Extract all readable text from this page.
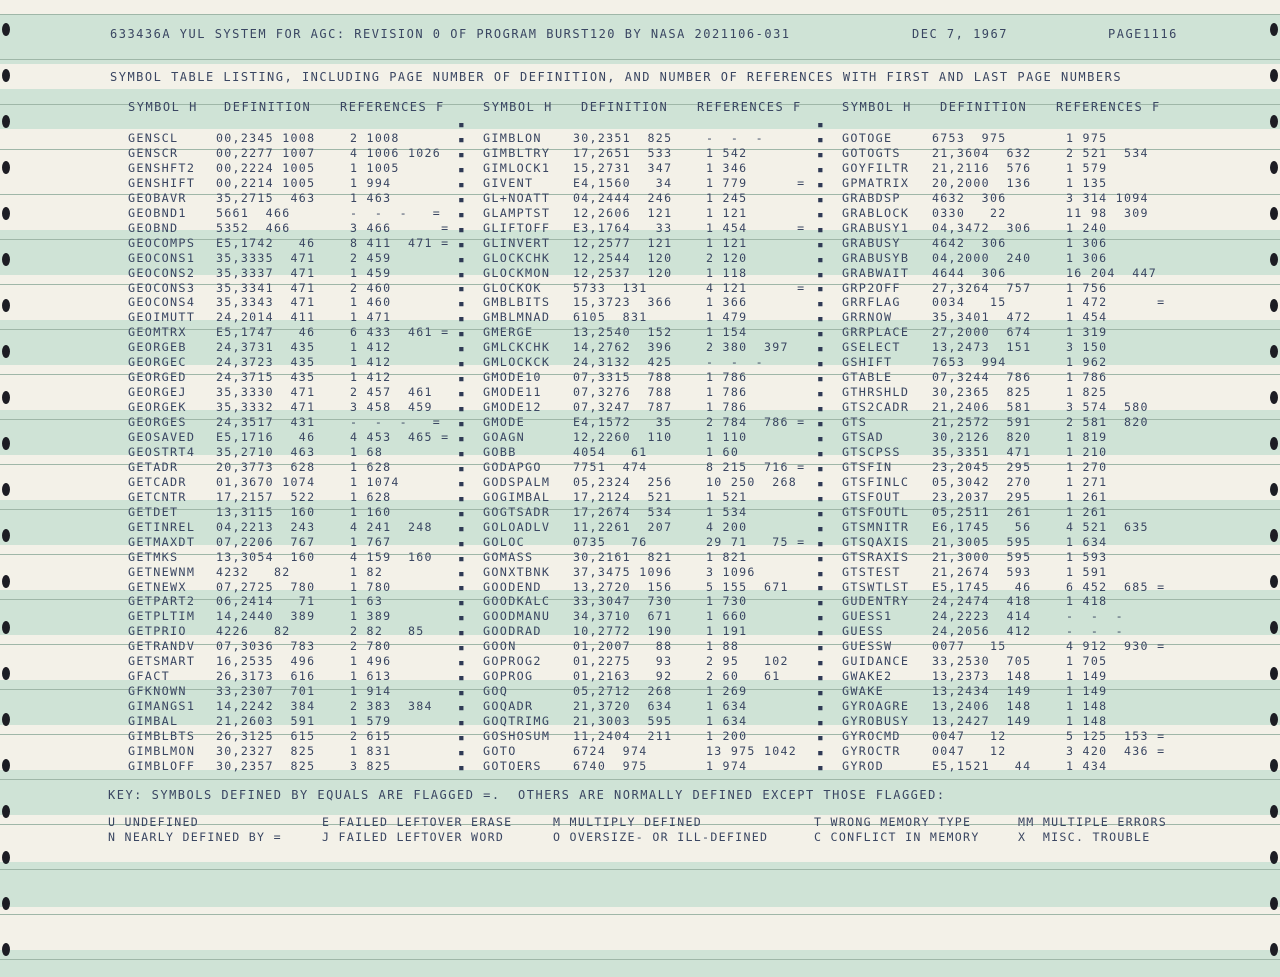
633436A YUL SYSTEM FOR AGC: REVISION 0 OF PROGRAM BURST120 BY NASA 2021106-031	DEC 7, 1967	PAGE1116
SYMBOL TABLE LISTING, INCLUDING PAGE NUMBER OF DEFINITION, AND NUMBER OF REFERENCES WITH FIRST AND LAST PAGE NUMBERS
SYMBOL H DEFINITION REFERENCES F	SYMBOL H DEFINITION REFERENCES F	SYMBOL H DEFINITION REFERENCES F
GENSCL	00,2345 1008	2 1008
GENSCR	00,2277 1007	4 1006 1026
GENSHFT2 00,2224 1005	1 1005
GENSHIFT 00,2214 1005	1 994
GEOBAVR	35,2715  463	1 463
GEOBND1	5661  466	-  -  -   =
GEOBND	5352  466	3 466      =
GEOCOMPS E5,1742   46	8 411  471 =
GEOCONS1 35,3335  471	2 459
GEOCONS2 35,3337  471	1 459
GEOCONS3 35,3341  471	2 460
GEOCONS4 35,3343  471	1 460
GEOIMUTT 24,2014  411	1 471
GEOMTRX	E5,1747   46	6 433  461 =
GEORGEB	24,3731  435	1 412
GEORGEC	24,3723  435	1 412
GEORGED	24,3715  435	1 412
GEORGEJ	35,3330  471	2 457  461
GEORGEK	35,3332  471	3 458  459
GEORGES	24,3517  431	-  -  -   =
GEOSAVED E5,1716   46	4 453  465 =
GEOSTRT4 35,2710  463	1 68
GETADR	20,3773  628	1 628
GETCADR	01,3670 1074	1 1074
GETCNTR	17,2157  522	1 628
GETDET	13,3115  160	1 160
GETINREL 04,2213  243	4 241  248
GETMAXDT 07,2206  767	1 767
GETMKS	13,3054  160	4 159  160
GETNEWNM 4232   82	1 82
GETNEWX	07,2725  780	1 780
GETPART2 06,2414   71	1 63
GETPLTIM 14,2440  389	1 389
GETPRIO	4226   82	2 82   85
GETRANDV 07,3036  783	2 780
GETSMART 16,2535  496	1 496
GFACT	26,3173  616	1 613
GFKNOWN	33,2307  701	1 914
GIMANGS1 14,2242  384	2 383  384
GIMBAL	21,2603  591	1 579
GIMBLBTS 26,3125  615	2 615
GIMBLMON 30,2327  825	1 831
GIMBLOFF 30,2357  825	3 825
GIMBLON	30,2351  825	-  -  -
GIMBLTRY 17,2651  533	1 542
GIMLOCK1 15,2731  347	1 346
GIVENT	E4,1560   34	1 779      =
GL+NOATT 04,2444  246	1 245
GLAMPTST 12,2606  121	1 121
GLIFTOFF E3,1764   33	1 454      =
GLINVERT 12,2577  121	1 121
GLOCKCHK 12,2544  120	2 120
GLOCKMON 12,2537  120	1 118
GLOCKOK	5733  131	4 121      =
GMBLBITS 15,3723  366	1 366
GMBLMNAD 6105  831	1 479
GMERGE	13,2540  152	1 154
GMLCKCHK 14,2762  396	2 380  397
GMLOCKCK 24,3132  425	-  -  -
GMODE10	07,3315  788	1 786
GMODE11	07,3276  788	1 786
GMODE12	07,3247  787	1 786
GMODE	E4,1572   35	2 784  786 =
GOAGN	12,2260  110	1 110
GOBB	4054   61	1 60
GODAPGO	7751  474	8 215  716 =
GODSPALM 05,2324  256	10 250  268
GOGIMBAL 17,2124  521	1 521
GOGTSADR 17,2674  534	1 534
GOLOADLV 11,2261  207	4 200
GOLOC	0735   76	29 71   75 =
GOMASS	30,2161  821	1 821
GONXTBNK 37,3475 1096	3 1096
GOODEND	13,2720  156	5 155  671
GOODKALC 33,3047  730	1 730
GOODMANU 34,3710  671	1 660
GOODRAD	10,2772  190	1 191
GOON	01,2007   88	1 88
GOPROG2	01,2275   93	2 95   102
GOPROG	01,2163   92	2 60   61
GOQ	05,2712  268	1 269
GOQADR	21,3720  634	1 634
GOQTRIMG 21,3003  595	1 634
GOSHOSUM 11,2404  211	1 200
GOTO	6724  974	13 975 1042
GOTOERS	6740  975	1 974
GOTOGE	6753  975	1 975
GOTOGTS	21,3604  632	2 521  534
GOYFILTR 21,2116  576	1 579
GPMATRIX 20,2000  136	1 135
GRABDSP	4632  306	3 314 1094
GRABLOCK 0330   22	11 98  309
GRABUSY1 04,3472  306	1 240
GRABUSY	4642  306	1 306
GRABUSYB 04,2000  240	1 306
GRABWAIT 4644  306	16 204  447
GRP2OFF	27,3264  757	1 756
GRRFLAG	0034   15	1 472      =
GRRNOW	35,3401  472	1 454
GRRPLACE 27,2000  674	1 319
GSELECT	13,2473  151	3 150
GSHIFT	7653  994	1 962
GTABLE	07,3244  786	1 786
GTHRSHLD 30,2365  825	1 825
GTS2CADR 21,2406  581	3 574  580
GTS	21,2572  591	2 581  820
GTSAD	30,2126  820	1 819
GTSCPSS	35,3351  471	1 210
GTSFIN	23,2045  295	1 270
GTSFINLC 05,3042  270	1 271
GTSFOUT	23,2037  295	1 261
GTSFOUTL 05,2511  261	1 261
GTSMNITR E6,1745   56	4 521  635
GTSQAXIS 21,3005  595	1 634
GTSRAXIS 21,3000  595	1 593
GTSTEST	21,2674  593	1 591
GTSWTLST E5,1745   46	6 452  685 =
GUDENTRY 24,2474  418	1 418
GUESS1	24,2223  414	-  -  -
GUESS	24,2056  412	-  -  -
GUESSW	0077   15	4 912  930 =
GUIDANCE 33,2530  705	1 705
GWAKE2	13,2373  148	1 149
GWAKE	13,2434  149	1 149
GYROAGRE 13,2406  148	1 148
GYROBUSY 13,2427  149	1 148
GYROCMD	0047   12	5 125  153 =
GYROCTR	0047   12	3 420  436 =
GYROD	E5,1521   44	1 434
▪
▪
▪
▪
▪
▪
▪
▪
▪
▪
▪
▪
▪
▪
▪
▪
▪
▪
▪
▪
▪
▪
▪
▪
▪
▪
▪
▪
▪
▪
▪
▪
▪
▪
▪
▪
▪
▪
▪
▪
▪
▪
▪
▪
▪
▪
▪
▪
▪
▪
▪
▪
▪
▪
▪
▪
▪
▪
▪
▪
▪
▪
▪
▪
▪
▪
▪
▪
▪
▪
▪
▪
▪
▪
▪
▪
▪
▪
▪
▪
▪
▪
▪
▪
▪
▪
▪
▪
KEY: SYMBOLS DEFINED BY EQUALS ARE FLAGGED =.  OTHERS ARE NORMALLY DEFINED EXCEPT THOSE FLAGGED:
U UNDEFINED	E FAILED LEFTOVER ERASE	M MULTIPLY DEFINED	T WRONG MEMORY TYPE	MM MULTIPLE ERRORS
N NEARLY DEFINED BY =	J FAILED LEFTOVER WORD	O OVERSIZE- OR ILL-DEFINED	C CONFLICT IN MEMORY	X  MISC. TROUBLE
